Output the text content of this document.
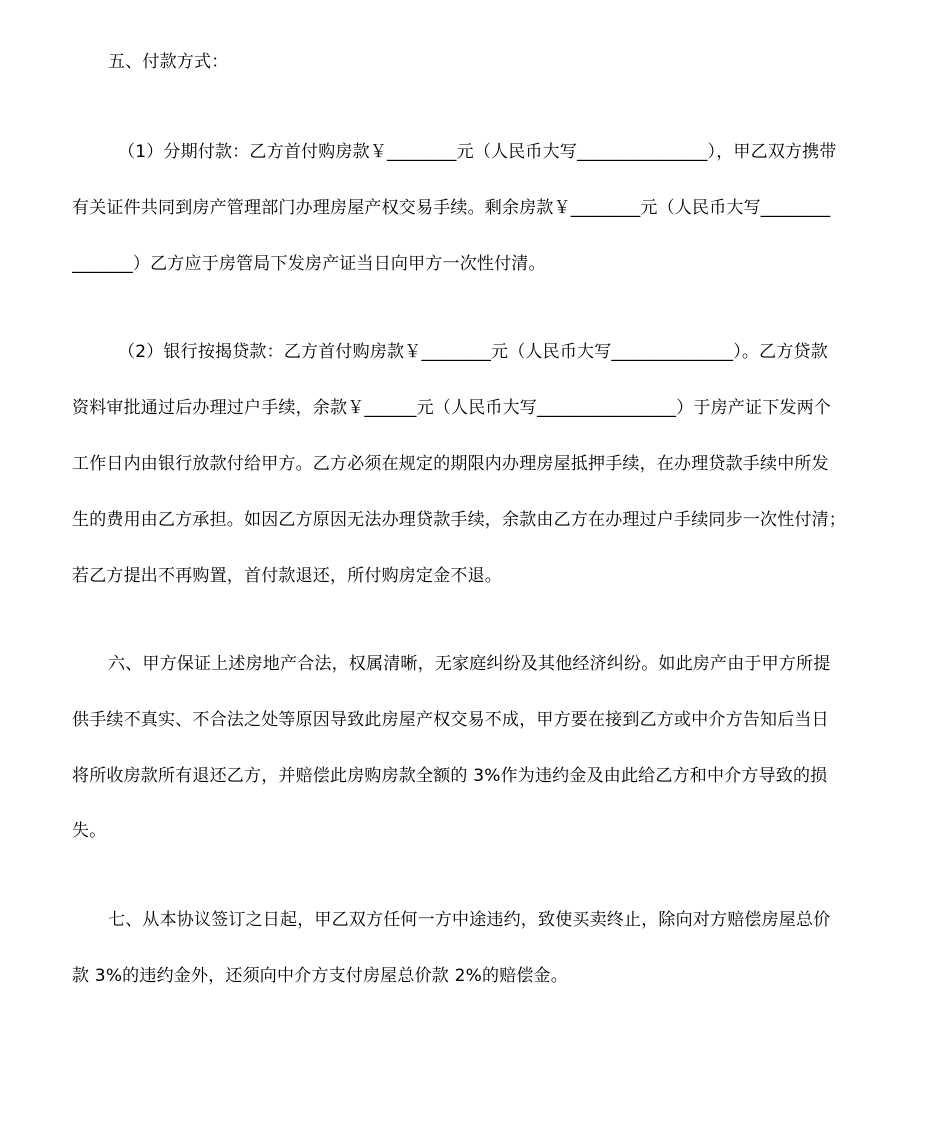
五、付款方式：
（1）分期付款：乙方首付购房款￥________元（人民币大写_______________），甲乙双方携带
有关证件共同到房产管理部门办理房屋产权交易手续。剩余房款￥________元（人民币大写________
_______）乙方应于房管局下发房产证当日向甲方一次性付清。
（2）银行按揭贷款：乙方首付购房款￥________元（人民币大写______________）。乙方贷款
资料审批通过后办理过户手续，余款￥______元（人民币大写________________）于房产证下发两个
工作日内由银行放款付给甲方。乙方必须在规定的期限内办理房屋抵押手续，在办理贷款手续中所发
生的费用由乙方承担。如因乙方原因无法办理贷款手续，余款由乙方在办理过户手续同步一次性付清；
若乙方提出不再购置，首付款退还，所付购房定金不退。
六、甲方保证上述房地产合法，权属清晰，无家庭纠纷及其他经济纠纷。如此房产由于甲方所提
供手续不真实、不合法之处等原因导致此房屋产权交易不成，甲方要在接到乙方或中介方告知后当日
将所收房款所有退还乙方，并赔偿此房购房款全额的 3%作为违约金及由此给乙方和中介方导致的损
失。
七、从本协议签订之日起，甲乙双方任何一方中途违约，致使买卖终止，除向对方赔偿房屋总价
款 3%的违约金外，还须向中介方支付房屋总价款 2%的赔偿金。
